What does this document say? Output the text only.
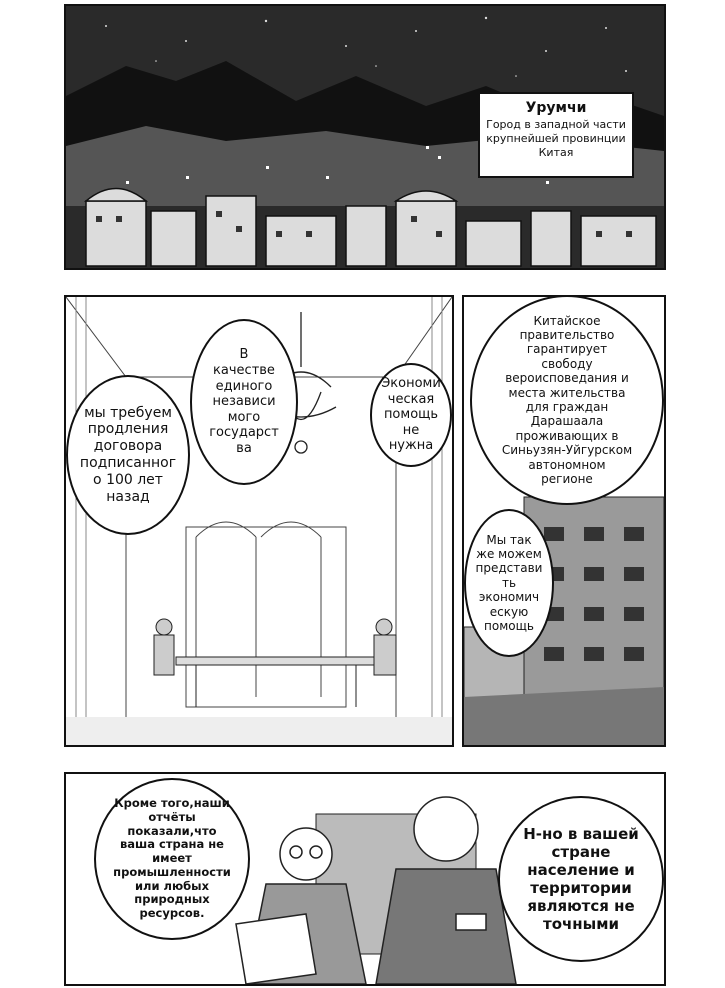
Урумчи
Город в западной части
крупнейшей провинции
Китая
мы требуем
продления
договора
подписанног
о 100 лет
назад
В
качестве
единого
независи
мого
государст
ва
Экономи
ческая
помощь
не нужна
Китайское
правительство
гарантирует
свободу
вероисповедания и
места жительства
для граждан
Дарашаала
проживающих в
Синьузян-Уйгурском
автономном
регионе
Мы так
же можем
представи
ть
экономич
ескую
помощь
Кроме того,наши
отчёты
показали,что
ваша страна не
имеет
промышленности
или любых
природных
ресурсов.
Н-но в вашей
стране
население и
территории
являются не
точными
